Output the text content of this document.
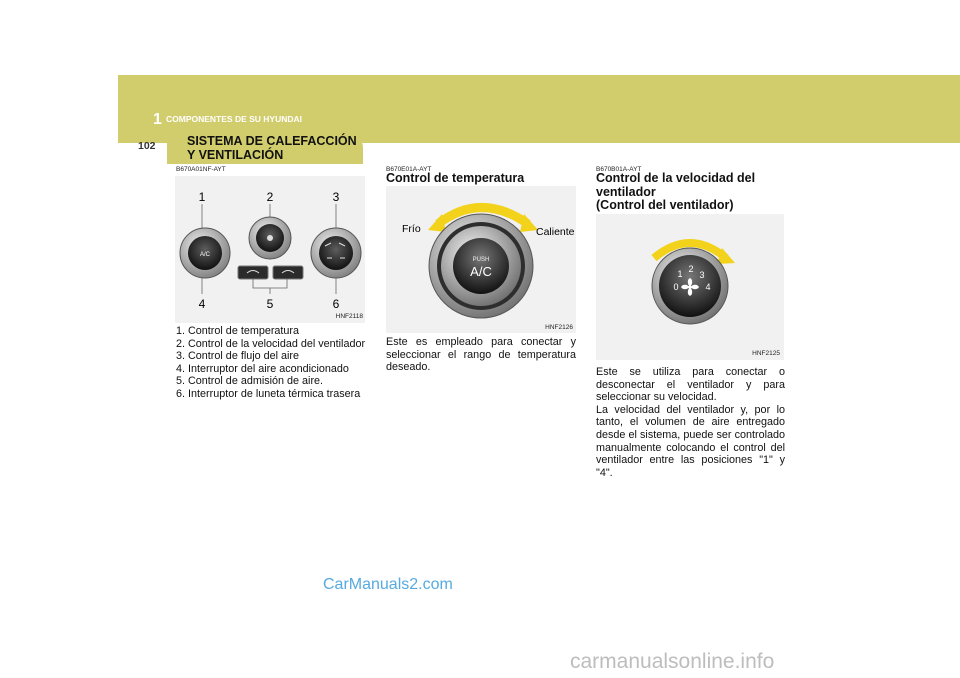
1 COMPONENTES DE SU HYUNDAI
102	SISTEMA DE CALEFACCIÓN
Y VENTILACIÓN
B670A01NF-AYT
A/C
1	2	3
4	5	6
HNF2118
1. Control de temperatura
2. Control de la velocidad del ventilador
3. Control de flujo del aire
4. Interruptor del aire acondicionado
5. Control de admisión de aire.
6. Interruptor de luneta térmica trasera
B670E01A-AYT
Control de temperatura
PUSH
A/C
Frío	Caliente
HNF2126
Este es empleado para conectar y seleccionar el rango de temperatura deseado.
B670B01A-AYT
Control de la velocidad del
ventilador
(Control del ventilador)
0
1 2
3
4
HNF2125
Este se utiliza para conectar o desconectar el ventilador y para seleccionar su velocidad.
La velocidad del ventilador y, por lo tanto, el volumen de aire entregado desde el sistema, puede ser controlado manualmente colocando el control del ventilador entre las posiciones "1" y "4".
CarManuals2.com
carmanualsonline.info
